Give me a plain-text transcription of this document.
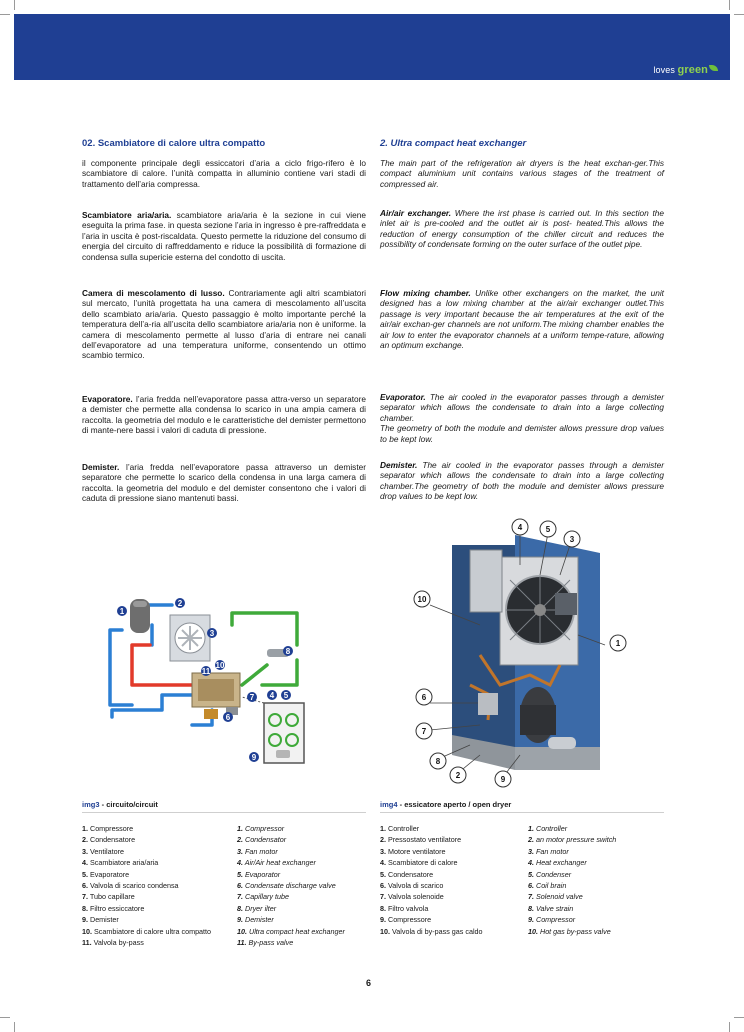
loves green
02. Scambiatore di calore ultra compatto

il componente principale degli essiccatori d’aria a ciclo frigo-rifero è lo scambiatore di calore. l’unità compatta in alluminio contiene vari stadi di trattamento dell’aria compressa.

Scambiatore aria/aria. scambiatore aria/aria è la sezione in cui viene eseguita la prima fase. in questa sezione l’aria in ingresso è pre-raffreddata e l’aria in uscita è post-riscaldata. Questo permette la riduzione del consumo di energia del circuito di raffreddamento e riduce la possibilità di formazione di condensa sulla supericie esterna del condotto di uscita.

Camera di mescolamento di lusso. Contrariamente agli altri scambiatori sul mercato, l’unità progettata ha una camera di mescolamento all’uscita dello scambiato aria/aria. Questo passaggio è molto importante perché la temperatura dell’a-ria all’uscita dello scambiatore aria/aria non è uniforme. la camera di mescolamento permette al lusso d’aria di entrare nei canali dell’evaporatore ad una temperatura uniforme, consentendo un ottimo scambio termico.

Evaporatore. l’aria fredda nell’evaporatore passa attra-verso un separatore a demister che permette alla condensa lo scarico in una ampia camera di raccolta. la geometria del modulo e le caratteristiche del demister permettono di mante-nere bassi i valori di caduta di pressione.

Demister. l’aria fredda nell’evaporatore passa attraverso un demister separatore che permette lo scarico della condensa in una larga camera di raccolta. la geometria del modulo e del demister consentono che i valori di caduta di pressione siano mantenuti bassi.

2. Ultra compact heat exchanger

The main part of the refrigeration air dryers is the heat exchan-ger.This compact aluminium unit contains various stages of the treatment of compressed air.

Air/air exchanger. Where the irst phase is carried out. In this section the inlet air is pre-cooled and the outlet air is post- heated.This allows the reduction of energy consumption of the chiller circuit and reduces the possibility of condensate forming on the outer surface of the outlet pipe.

Flow mixing chamber. Unlike other exchangers on the market, the unit designed has a low mixing chamber at the air/air exchanger outlet.This passage is very important because the air temperatures at the exit of the air/air exchan-ger channels are not uniform.The mixing chamber enables the air low to enter the evaporator channels at a uniform tempe-rature, allowing an optimum exchange.

Evaporator. The air cooled in the evaporator passes through a demister separator which allows the condensate to drain into a large collecting chamber.
The geometry of both the module and demister allows pressure drop values to be kept low.

Demister. The air cooled in the evaporator passes through a demister separator which allows the condensate to drain into a large collecting chamber.The geometry of both the module and demister allows pressure drop values to be kept low.

1
2
3
4 5
6
7
8
9
10
11
4	5
3
10
1
6
7
8
2	9
img3 - circuito/circuit	img4 - essicatore aperto / open dryer
1. Compressore
2. Condensatore
3. Ventilatore
4. Scambiatore aria/aria
5. Evaporatore
6. Valvola di scarico condensa
7. Tubo capillare
8. Filtro essiccatore
9. Demister
10. Scambiatore di calore ultra compatto
11. Valvola by-pass
1. Compressor
2. Condensator
3. Fan motor
4. Air/Air heat exchanger
5. Evaporator
6. Condensate discharge valve
7. Capillary tube
8. Dryer ilter
9. Demister
10. Ultra compact heat exchanger
11. By-pass valve
1. Controller
2. Pressostato ventilatore
3. Motore ventilatore
4. Scambiatore di calore
5. Condensatore
6. Valvola di scarico
7. Valvola solenoide
8. Filtro valvola
9. Compressore
10. Valvola di by-pass gas caldo
1. Controller
2. an motor pressure switch
3. Fan motor
4. Heat exchanger
5. Condenser
6. Coil brain
7. Solenoid valve
8. Valve strain
9. Compressor
10. Hot gas by-pass valve
6
